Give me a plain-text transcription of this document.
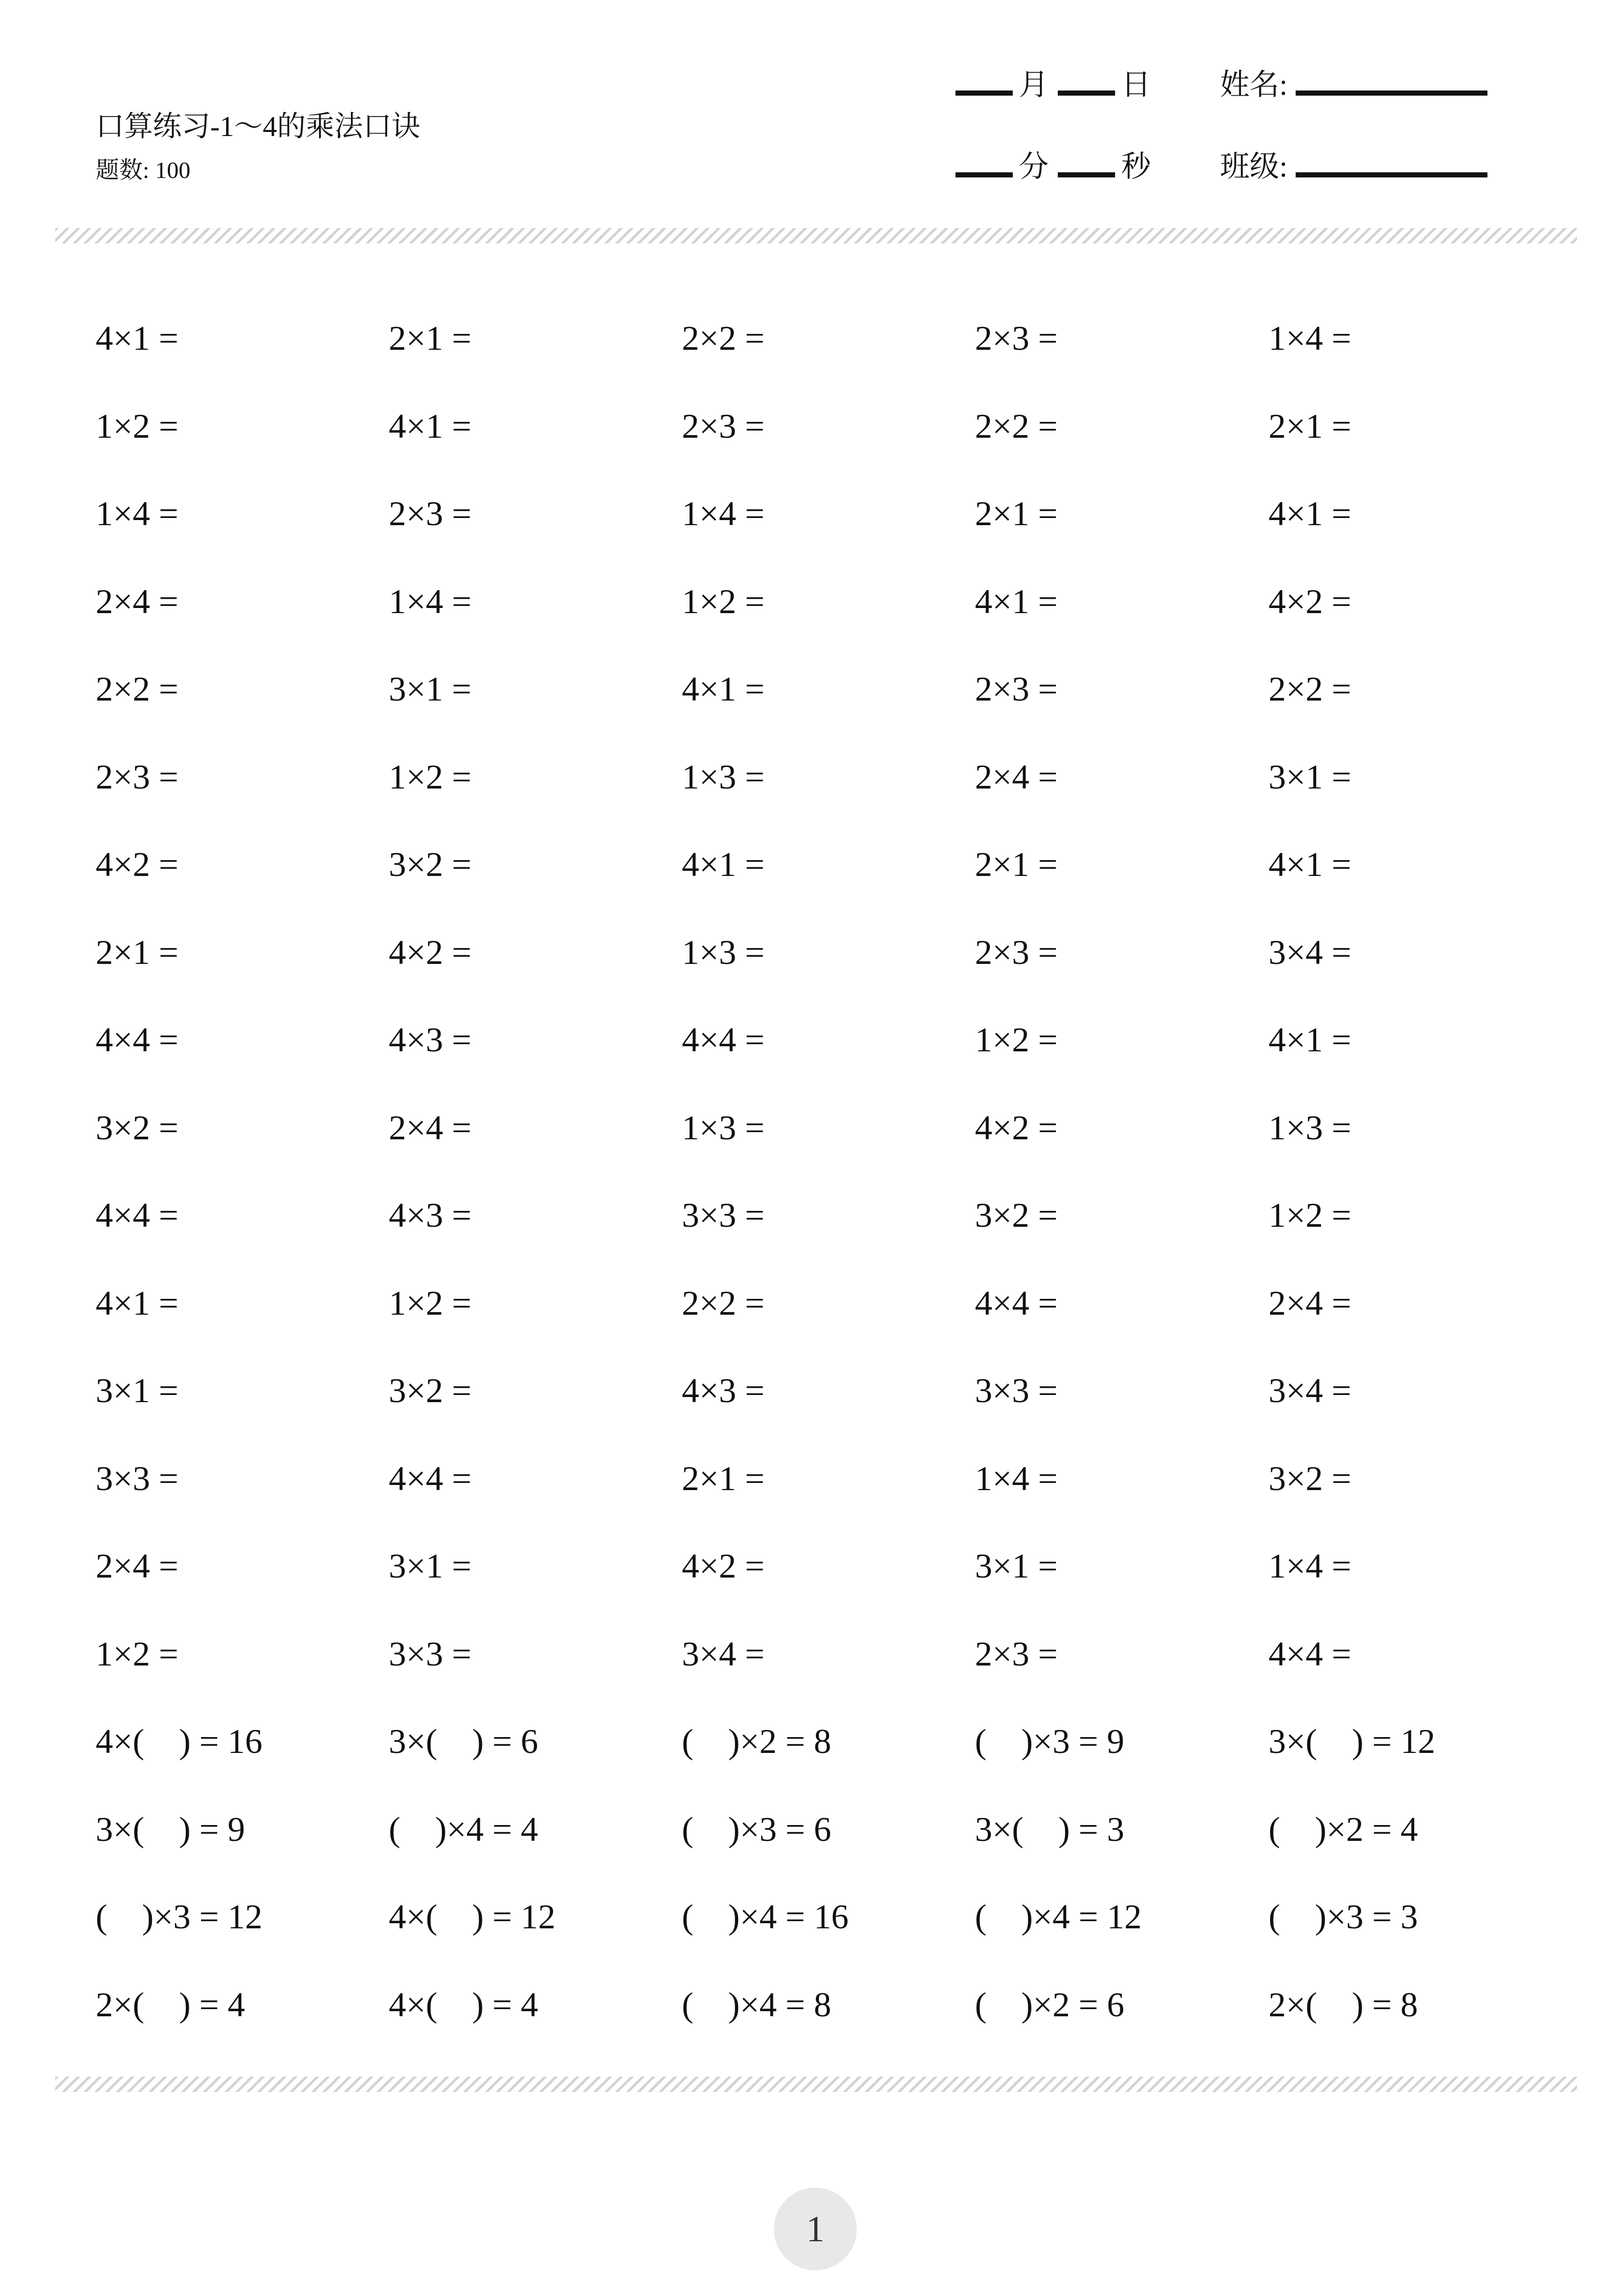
口算练习-1～4的乘法口诀
题数: 100
月 日 姓名:
分 秒 班级:
4×1 =	2×1 =	2×2 =	2×3 =	1×4 =
1×2 =	4×1 =	2×3 =	2×2 =	2×1 =
1×4 =	2×3 =	1×4 =	2×1 =	4×1 =
2×4 =	1×4 =	1×2 =	4×1 =	4×2 =
2×2 =	3×1 =	4×1 =	2×3 =	2×2 =
2×3 =	1×2 =	1×3 =	2×4 =	3×1 =
4×2 =	3×2 =	4×1 =	2×1 =	4×1 =
2×1 =	4×2 =	1×3 =	2×3 =	3×4 =
4×4 =	4×3 =	4×4 =	1×2 =	4×1 =
3×2 =	2×4 =	1×3 =	4×2 =	1×3 =
4×4 =	4×3 =	3×3 =	3×2 =	1×2 =
4×1 =	1×2 =	2×2 =	4×4 =	2×4 =
3×1 =	3×2 =	4×3 =	3×3 =	3×4 =
3×3 =	4×4 =	2×1 =	1×4 =	3×2 =
2×4 =	3×1 =	4×2 =	3×1 =	1×4 =
1×2 =	3×3 =	3×4 =	2×3 =	4×4 =
4×(    ) = 16	3×(    ) = 6	(    )×2 = 8	(    )×3 = 9	3×(    ) = 12
3×(    ) = 9	(    )×4 = 4	(    )×3 = 6	3×(    ) = 3	(    )×2 = 4
(    )×3 = 12	4×(    ) = 12	(    )×4 = 16	(    )×4 = 12	(    )×3 = 3
2×(    ) = 4	4×(    ) = 4	(    )×4 = 8	(    )×2 = 6	2×(    ) = 8
1
